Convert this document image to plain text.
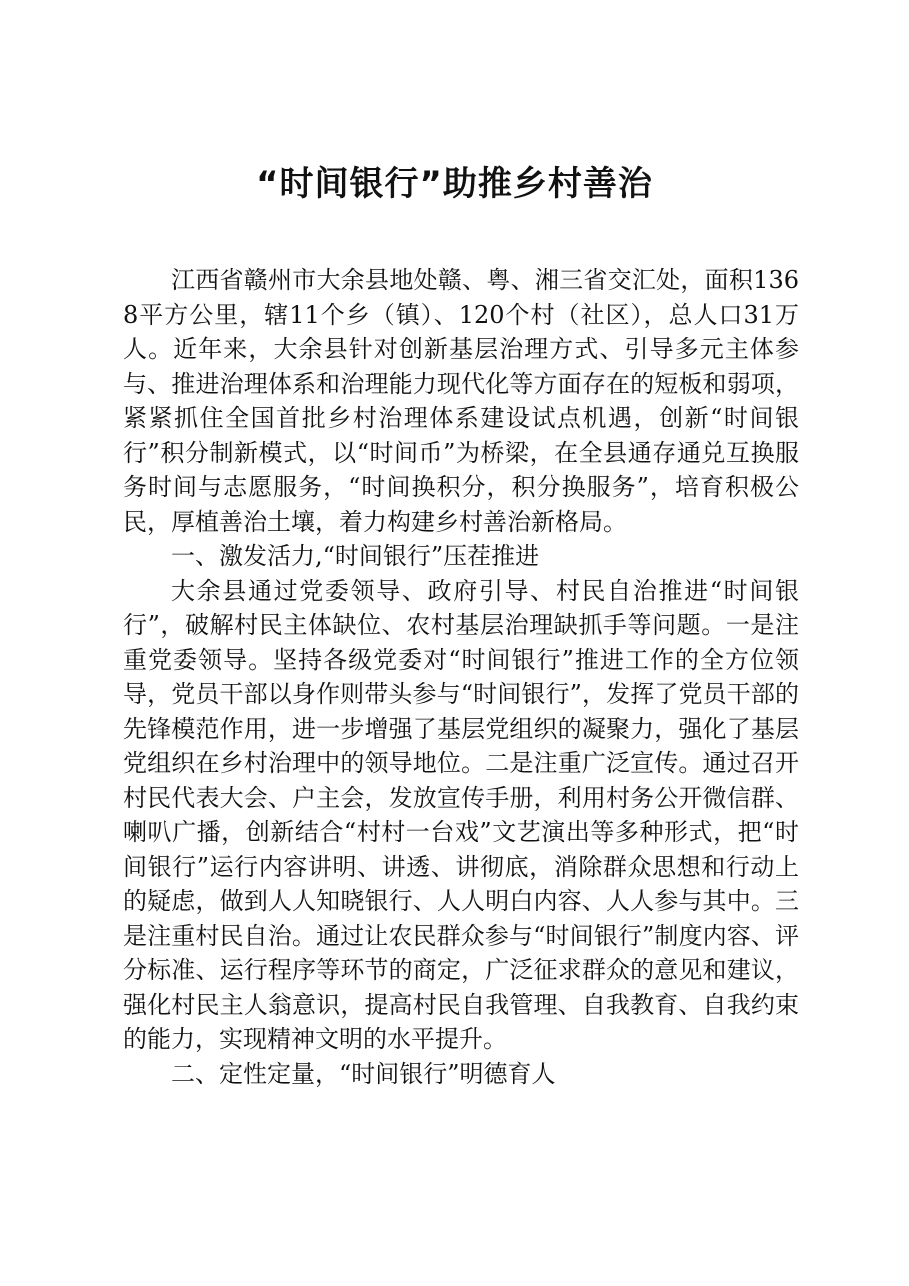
“时间银行”助推乡村善治

江西省赣州市大余县地处赣、粤、湘三省交汇处，面积1368平方公里，辖11个乡（镇）、120个村（社区），总人口31万人。近年来，大余县针对创新基层治理方式、引导多元主体参与、推进治理体系和治理能力现代化等方面存在的短板和弱项，紧紧抓住全国首批乡村治理体系建设试点机遇，创新“时间银行”积分制新模式，以“时间币”为桥梁，在全县通存通兑互换服务时间与志愿服务，“时间换积分，积分换服务”，培育积极公民，厚植善治土壤，着力构建乡村善治新格局。

一、激发活力,“时间银行”压茬推进

大余县通过党委领导、政府引导、村民自治推进“时间银行”，破解村民主体缺位、农村基层治理缺抓手等问题。一是注重党委领导。坚持各级党委对“时间银行”推进工作的全方位领导，党员干部以身作则带头参与“时间银行”，发挥了党员干部的先锋模范作用，进一步增强了基层党组织的凝聚力，强化了基层党组织在乡村治理中的领导地位。二是注重广泛宣传。通过召开村民代表大会、户主会，发放宣传手册，利用村务公开微信群、喇叭广播，创新结合“村村一台戏”文艺演出等多种形式，把“时间银行”运行内容讲明、讲透、讲彻底，消除群众思想和行动上的疑虑，做到人人知晓银行、人人明白内容、人人参与其中。三是注重村民自治。通过让农民群众参与“时间银行”制度内容、评分标准、运行程序等环节的商定，广泛征求群众的意见和建议，强化村民主人翁意识，提高村民自我管理、自我教育、自我约束的能力，实现精神文明的水平提升。

二、定性定量，“时间银行”明德育人
